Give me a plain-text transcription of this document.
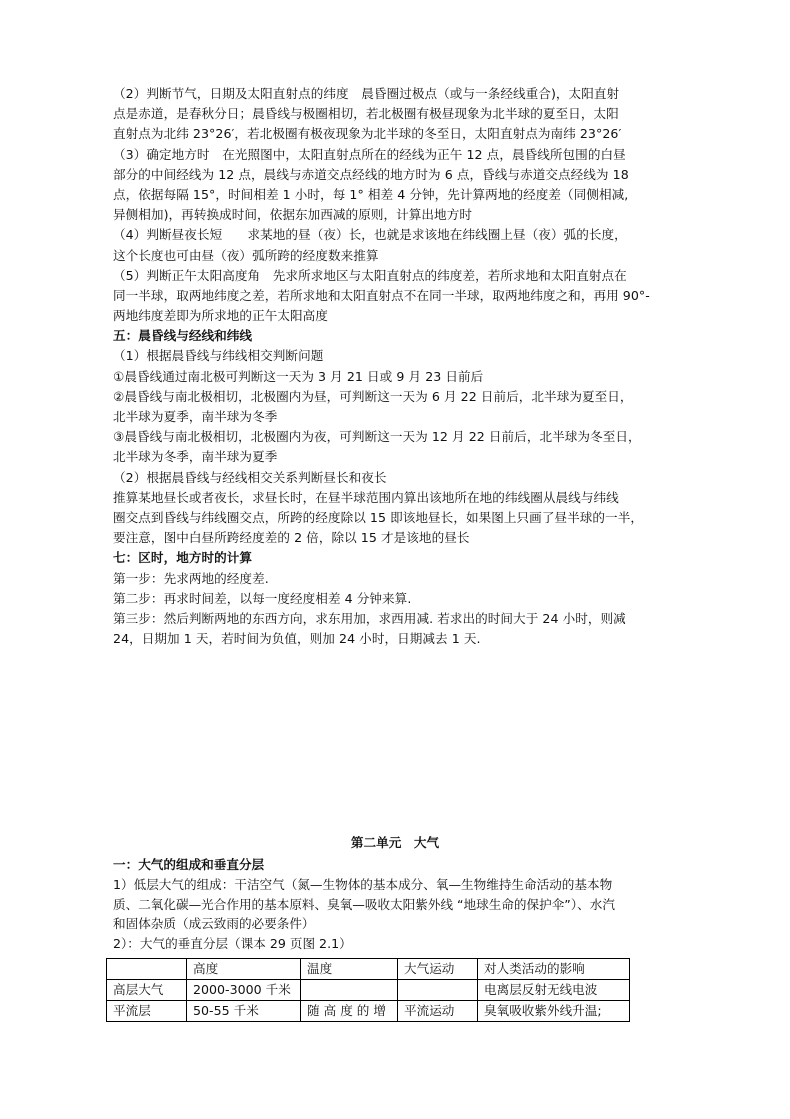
（2）判断节气，日期及太阳直射点的纬度　晨昏圈过极点（或与一条经线重合)，太阳直射
点是赤道，是春秋分日；晨昏线与极圈相切，若北极圈有极昼现象为北半球的夏至日，太阳
直射点为北纬 23°26′，若北极圈有极夜现象为北半球的冬至日，太阳直射点为南纬 23°26′
（3）确定地方时　在光照图中，太阳直射点所在的经线为正午 12 点，晨昏线所包围的白昼
部分的中间经线为 12 点，晨线与赤道交点经线的地方时为 6 点，昏线与赤道交点经线为 18
点，依据每隔 15°，时间相差 1 小时，每 1° 相差 4 分钟，先计算两地的经度差（同侧相减,
异侧相加)，再转换成时间，依据东加西减的原则，计算出地方时
（4）判断昼夜长短　　求某地的昼（夜）长，也就是求该地在纬线圈上昼（夜）弧的长度，
这个长度也可由昼（夜）弧所跨的经度数来推算
（5）判断正午太阳高度角　先求所求地区与太阳直射点的纬度差，若所求地和太阳直射点在
同一半球，取两地纬度之差，若所求地和太阳直射点不在同一半球，取两地纬度之和，再用 90°-
两地纬度差即为所求地的正午太阳高度
五：晨昏线与经线和纬线
（1）根据晨昏线与纬线相交判断问题
①晨昏线通过南北极可判断这一天为 3 月 21 日或 9 月 23 日前后
②晨昏线与南北极相切，北极圈内为昼，可判断这一天为 6 月 22 日前后，北半球为夏至日，
北半球为夏季，南半球为冬季
③晨昏线与南北极相切，北极圈内为夜，可判断这一天为 12 月 22 日前后，北半球为冬至日，
北半球为冬季，南半球为夏季
（2）根据晨昏线与经线相交关系判断昼长和夜长
推算某地昼长或者夜长，求昼长时，在昼半球范围内算出该地所在地的纬线圈从晨线与纬线
圈交点到昏线与纬线圈交点，所跨的经度除以 15 即该地昼长，如果图上只画了昼半球的一半，
要注意，图中白昼所跨经度差的 2 倍，除以 15 才是该地的昼长
七：区时，地方时的计算
第一步：先求两地的经度差.
第二步：再求时间差，以每一度经度相差 4 分钟来算.
第三步：然后判断两地的东西方向，求东用加，求西用减. 若求出的时间大于 24 小时，则减
24，日期加 1 天，若时间为负值，则加 24 小时，日期减去 1 天.
第二单元　大气
一：大气的组成和垂直分层
1）低层大气的组成：干洁空气（氮—生物体的基本成分、氧—生物维持生命活动的基本物
质、二氧化碳—光合作用的基本原料、臭氧—吸收太阳紫外线 “地球生命的保护伞”）、水汽
和固体杂质（成云致雨的必要条件）
2）：大气的垂直分层（课本 29 页图 2.1）
	高度	温度	大气运动	对人类活动的影响
高层大气	2000-3000 千米			电离层反射无线电波
平流层	50-55 千米	随 高 度 的 增	平流运动	臭氧吸收紫外线升温;
